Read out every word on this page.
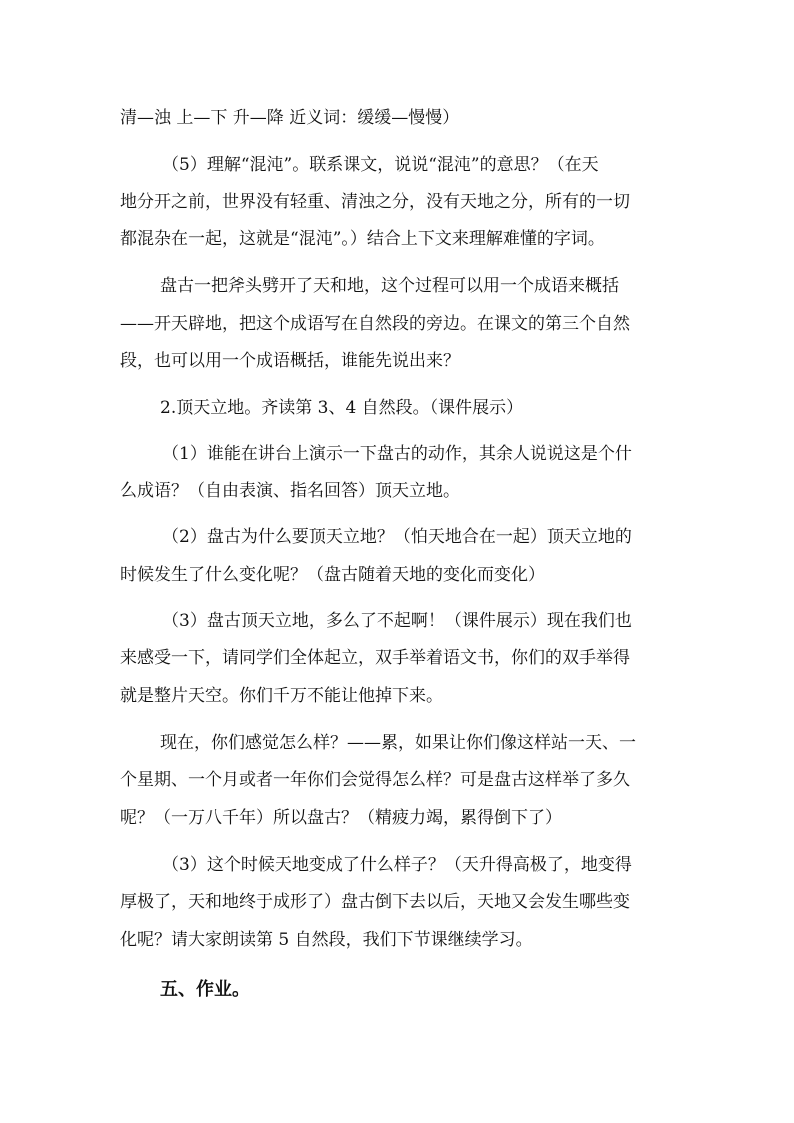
清—浊 上—下 升—降 近义词：缓缓—慢慢）
（5）理解“混沌”。联系课文，说说“混沌”的意思？（在天
地分开之前，世界没有轻重、清浊之分，没有天地之分，所有的一切
都混杂在一起，这就是“混沌”。）结合上下文来理解难懂的字词。
盘古一把斧头劈开了天和地，这个过程可以用一个成语来概括
——开天辟地，把这个成语写在自然段的旁边。在课文的第三个自然
段，也可以用一个成语概括，谁能先说出来？
2.顶天立地。齐读第 3、4 自然段。（课件展示）
（1）谁能在讲台上演示一下盘古的动作，其余人说说这是个什
么成语？（自由表演、指名回答）顶天立地。
（2）盘古为什么要顶天立地？（怕天地合在一起）顶天立地的
时候发生了什么变化呢？（盘古随着天地的变化而变化）
（3）盘古顶天立地，多么了不起啊！（课件展示）现在我们也
来感受一下，请同学们全体起立，双手举着语文书，你们的双手举得
就是整片天空。你们千万不能让他掉下来。
现在，你们感觉怎么样？——累，如果让你们像这样站一天、一
个星期、一个月或者一年你们会觉得怎么样？可是盘古这样举了多久
呢？（一万八千年）所以盘古？（精疲力竭，累得倒下了）
（3）这个时候天地变成了什么样子？（天升得高极了，地变得
厚极了，天和地终于成形了）盘古倒下去以后，天地又会发生哪些变
化呢？请大家朗读第 5 自然段，我们下节课继续学习。
五、作业。
